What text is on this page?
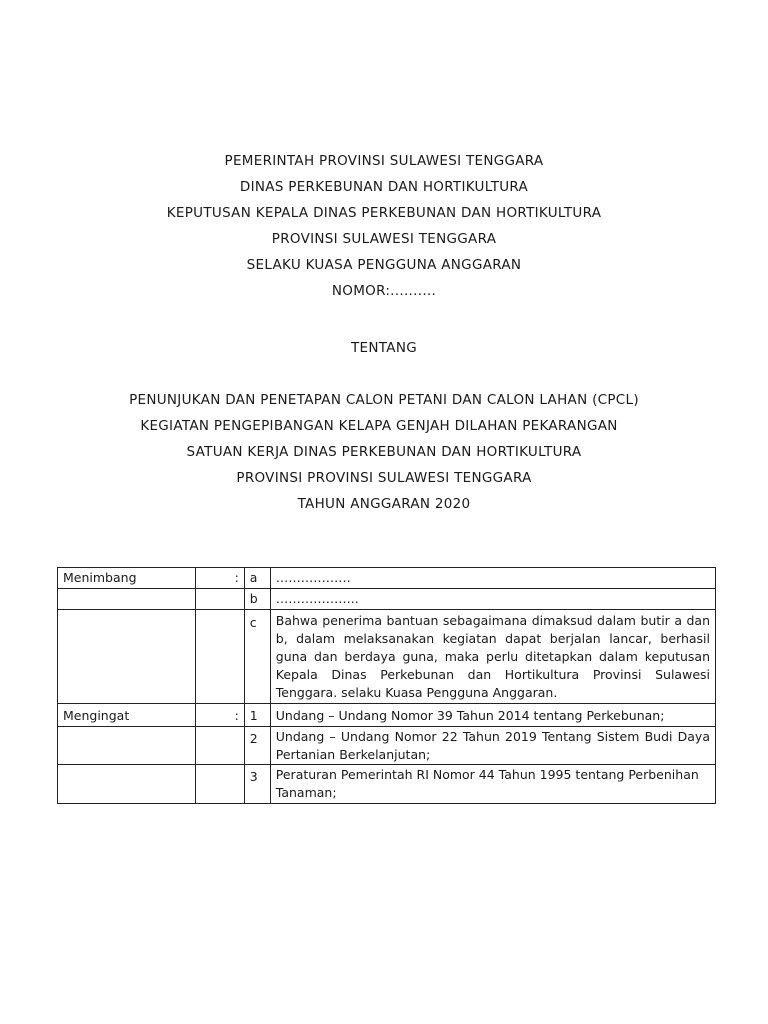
PEMERINTAH PROVINSI SULAWESI TENGGARA
DINAS PERKEBUNAN DAN HORTIKULTURA
KEPUTUSAN KEPALA DINAS PERKEBUNAN DAN HORTIKULTURA
PROVINSI SULAWESI TENGGARA
SELAKU KUASA PENGGUNA ANGGARAN
NOMOR:..........
TENTANG
PENUNJUKAN DAN PENETAPAN CALON PETANI DAN CALON LAHAN (CPCL)
KEGIATAN PENGEPIBANGAN KELAPA GENJAH DILAHAN PEKARANGAN
SATUAN KERJA DINAS PERKEBUNAN DAN HORTIKULTURA
PROVINSI PROVINSI SULAWESI TENGGARA
TAHUN ANGGARAN 2020
Menimbang	:	a	………………
		b	………………..
		c	Bahwa penerima bantuan sebagaimana dimaksud dalam butir a dan b, dalam melaksanakan kegiatan dapat berjalan lancar, berhasil guna dan berdaya guna, maka perlu ditetapkan dalam keputusan Kepala Dinas Perkebunan dan Hortikultura Provinsi Sulawesi Tenggara. selaku Kuasa Pengguna Anggaran.
Mengingat	:	1	Undang – Undang Nomor 39 Tahun 2014 tentang Perkebunan;
		2	Undang – Undang Nomor 22 Tahun 2019 Tentang Sistem Budi Daya Pertanian Berkelanjutan;
		3	Peraturan Pemerintah RI Nomor 44 Tahun 1995 tentang Perbenihan Tanaman;
